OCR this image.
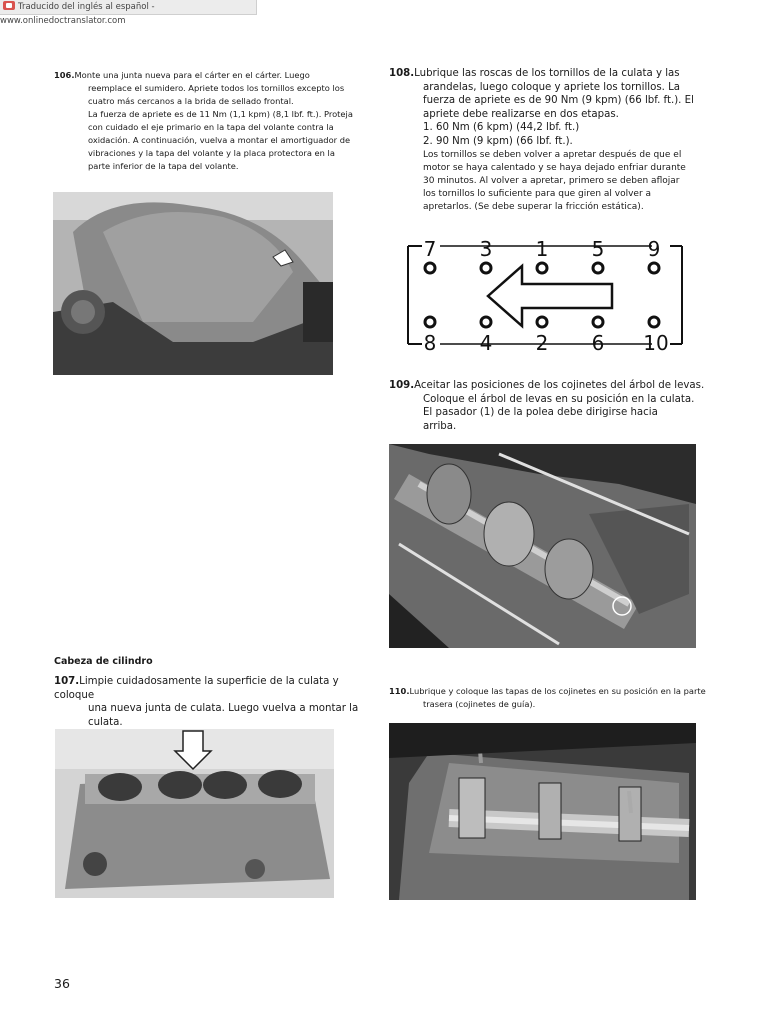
Traducido del inglés al español - www.onlinedoctranslator.com
106.Monte una junta nueva para el cárter en el cárter. Luego
reemplace el sumidero. Apriete todos los tornillos excepto los
cuatro más cercanos a la brida de sellado frontal.
La fuerza de apriete es de 11 Nm (1,1 kpm) (8,1 lbf. ft.). Proteja
con cuidado el eje primario en la tapa del volante contra la
oxidación. A continuación, vuelva a montar el amortiguador de
vibraciones y la tapa del volante y la placa protectora en la
parte inferior de la tapa del volante.
Cabeza de cilindro
107.Limpie cuidadosamente la superficie de la culata y coloque
una nueva junta de culata. Luego vuelva a montar la culata.
108.Lubrique las roscas de los tornillos de la culata y las
arandelas, luego coloque y apriete los tornillos. La
fuerza de apriete es de 90 Nm (9 kpm) (66 lbf. ft.). El
apriete debe realizarse en dos etapas.
1. 60 Nm (6 kpm) (44,2 lbf. ft.)
2. 90 Nm (9 kpm) (66 lbf. ft.).
Los tornillos se deben volver a apretar después de que el
motor se haya calentado y se haya dejado enfriar durante
30 minutos. Al volver a apretar, primero se deben aflojar
los tornillos lo suficiente para que giren al volver a
apretarlos. (Se debe superar la fricción estática).
7 3 1 5 9
8 4 2 6 10
109.Aceitar las posiciones de los cojinetes del árbol de levas.
Coloque el árbol de levas en su posición en la culata.
El pasador (1) de la polea debe dirigirse hacia
arriba.
110.Lubrique y coloque las tapas de los cojinetes en su posición en la parte
trasera (cojinetes de guía).
36
